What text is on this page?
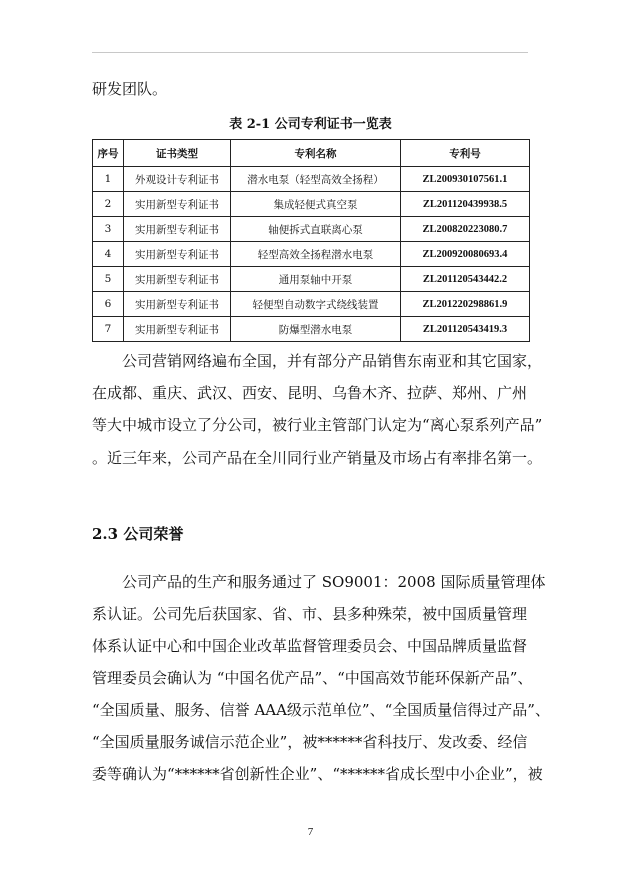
研发团队。
表 2-1 公司专利证书一览表
序号	证书类型	专利名称	专利号
1	外观设计专利证书	潜水电泵（轻型高效全扬程）	ZL200930107561.1
2	实用新型专利证书	集成轻便式真空泵	ZL201120439938.5
3	实用新型专利证书	轴便拆式直联离心泵	ZL200820223080.7
4	实用新型专利证书	轻型高效全扬程潜水电泵	ZL200920080693.4
5	实用新型专利证书	通用泵轴中开泵	ZL201120543442.2
6	实用新型专利证书	轻便型自动数字式绕线装置	ZL201220298861.9
7	实用新型专利证书	防爆型潜水电泵	ZL201120543419.3
公司营销网络遍布全国，并有部分产品销售东南亚和其它国家，
在成都、重庆、武汉、西安、昆明、乌鲁木齐、拉萨、郑州、广州
等大中城市设立了分公司，被行业主管部门认定为“离心泵系列产品”
。近三年来，公司产品在全川同行业产销量及市场占有率排名第一。
2.3 公司荣誉
公司产品的生产和服务通过了 SO9001：2008 国际质量管理体
系认证。公司先后获国家、省、市、县多种殊荣，被中国质量管理
体系认证中心和中国企业改革监督管理委员会、中国品牌质量监督
管理委员会确认为 “中国名优产品”、“中国高效节能环保新产品”、
“全国质量、服务、信誉 AAA级示范单位”、“全国质量信得过产品”、
“全国质量服务诚信示范企业”，被******省科技厅、发改委、经信
委等确认为“******省创新性企业”、“******省成长型中小企业”，被
7
